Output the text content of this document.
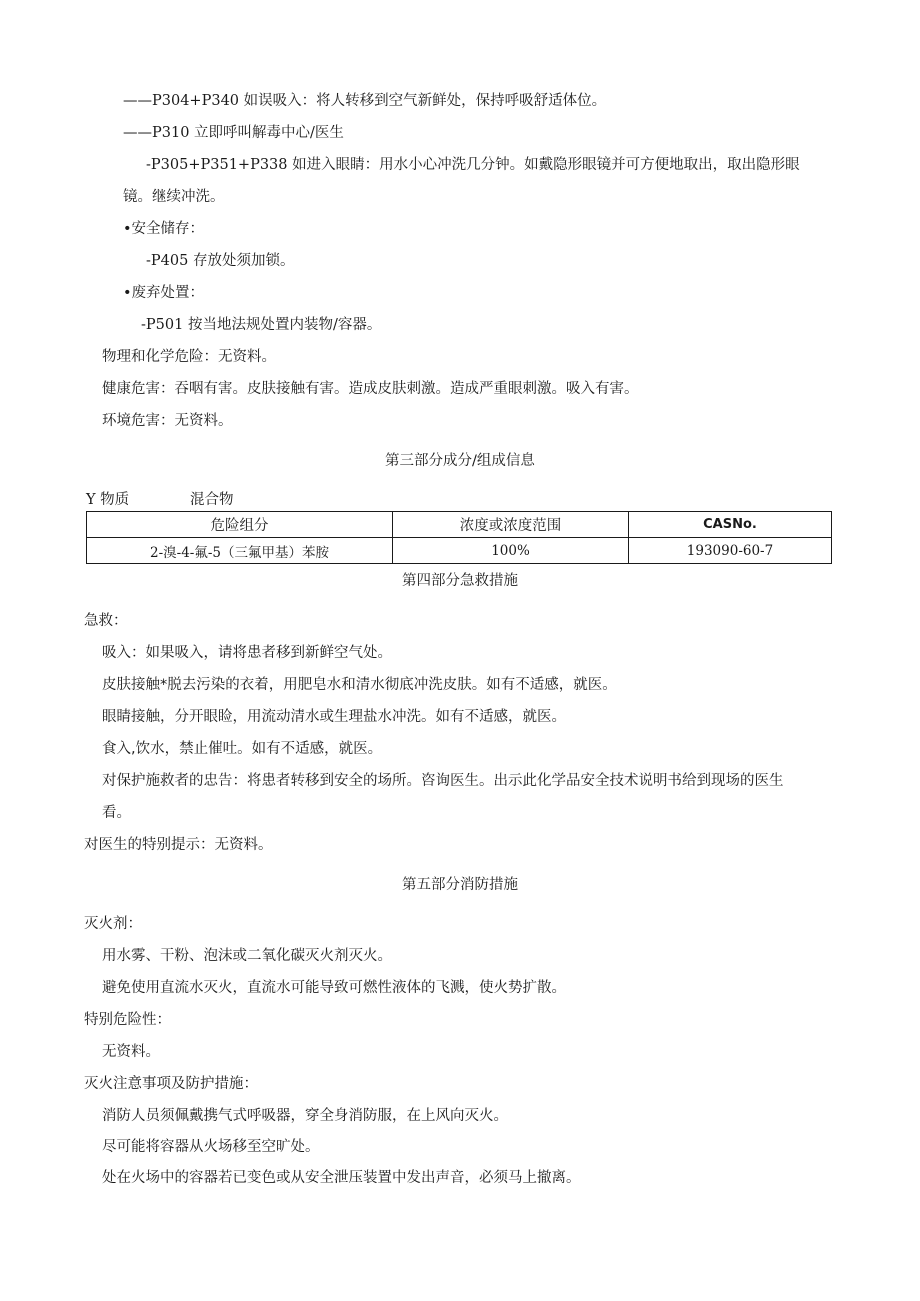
——P304+P340 如误吸入：将人转移到空气新鲜处，保持呼吸舒适体位。
——P310 立即呼叫解毒中心/医生
-P305+P351+P338 如进入眼睛：用水小心冲洗几分钟。如戴隐形眼镜并可方便地取出，取出隐形眼
镜。继续冲洗。
•安全储存：
-P405 存放处须加锁。
•废弃处置：
-P501 按当地法规处置内装物/容器。
物理和化学危险：无资料。
健康危害：吞咽有害。皮肤接触有害。造成皮肤刺激。造成严重眼刺激。吸入有害。
环境危害：无资料。
第三部分成分/组成信息
Y 物质	混合物
危险组分	浓度或浓度范围	CASNo.
2-溴-4-氟-5（三氟甲基）苯胺	100%	193090-60-7
第四部分急救措施
急救：
吸入：如果吸入，请将患者移到新鲜空气处。
皮肤接触*脱去污染的衣着，用肥皂水和清水彻底冲洗皮肤。如有不适感，就医。
眼睛接触，分开眼睑，用流动清水或生理盐水冲洗。如有不适感，就医。
食入,饮水，禁止催吐。如有不适感，就医。
对保护施救者的忠告：将患者转移到安全的场所。咨询医生。出示此化学品安全技术说明书给到现场的医生
看。
对医生的特别提示：无资料。
第五部分消防措施
灭火剂：
用水雾、干粉、泡沫或二氧化碳灭火剂灭火。
避免使用直流水灭火，直流水可能导致可燃性液体的飞溅，使火势扩散。
特别危险性：
无资料。
灭火注意事项及防护措施：
消防人员须佩戴携气式呼吸器，穿全身消防服，在上风向灭火。
尽可能将容器从火场移至空旷处。
处在火场中的容器若已变色或从安全泄压装置中发出声音，必须马上撤离。
